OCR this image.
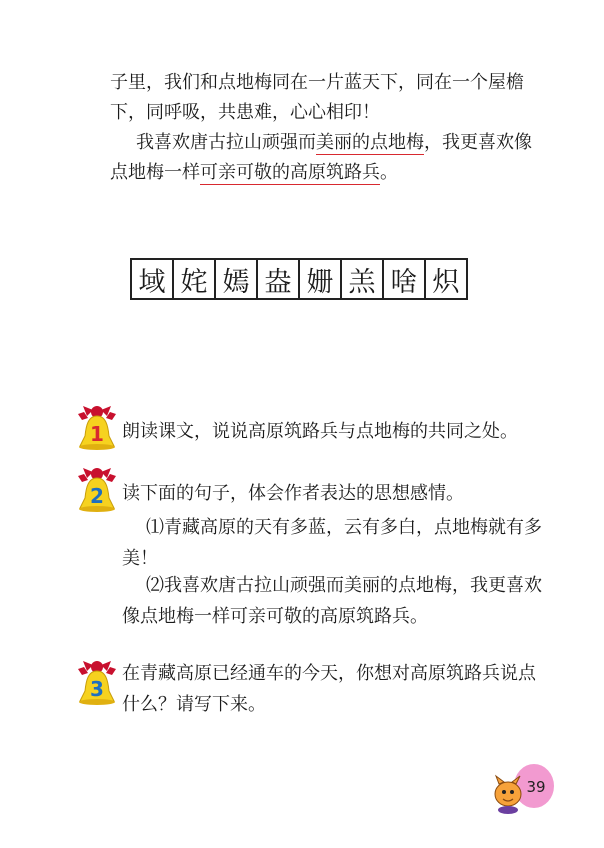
子里，我们和点地梅同在一片蓝天下，同在一个屋檐下，同呼吸，共患难，心心相印！

我喜欢唐古拉山顽强而美丽的点地梅，我更喜欢像点地梅一样可亲可敬的高原筑路兵。

域 姹 嫣 盎 姗 羔 啥 炽
1 朗读课文，说说高原筑路兵与点地梅的共同之处。

2 读下面的句子，体会作者表达的思想感情。

⑴青藏高原的天有多蓝，云有多白，点地梅就有多美！

⑵我喜欢唐古拉山顽强而美丽的点地梅，我更喜欢像点地梅一样可亲可敬的高原筑路兵。

3

在青藏高原已经通车的今天，你想对高原筑路兵说点什么？请写下来。

39
